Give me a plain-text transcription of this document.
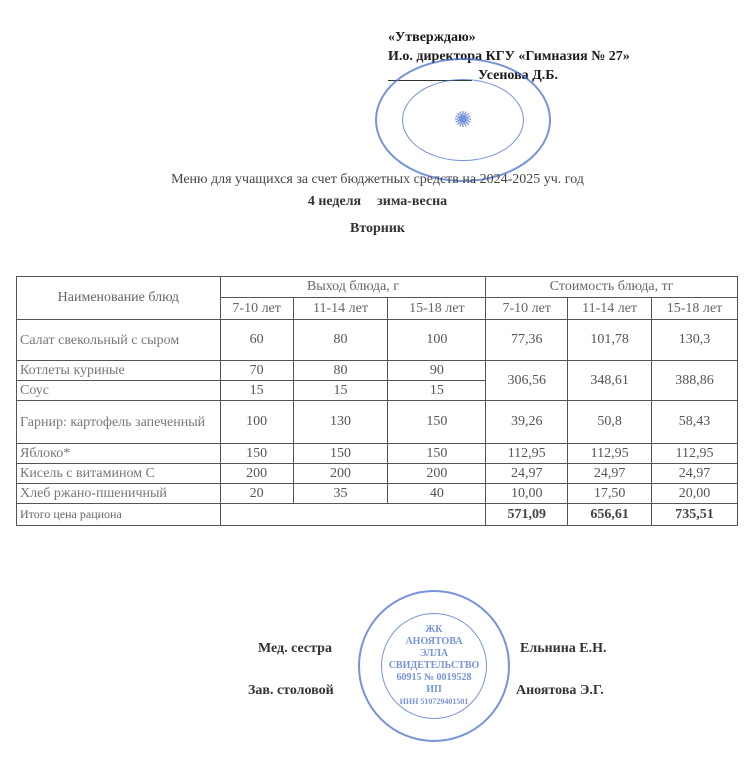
«Утверждаю»
И.о. директора КГУ «Гимназия № 27»
Усенова Д.Б.
✺
Меню для учащихся за счет бюджетных средств на 2024-2025 уч. год
4 неделя зима-весна
Вторник
Наименование блюд	Выход блюда, г			Стоимость блюда, тг		
	7-10 лет	11-14 лет	15-18 лет	7-10 лет	11-14 лет	15-18 лет
Салат свекольный с сыром	60	80	100	77,36	101,78	130,3
Котлеты куриные	70	80	90	306,56	348,61	388,86
Соус	15	15	15			
Гарнир: картофель запеченный	100	130	150	39,26	50,8	58,43
Яблоко*	150	150	150	112,95	112,95	112,95
Кисель с витамином С	200	200	200	24,97	24,97	24,97
Хлеб ржано-пшеничный	20	35	40	10,00	17,50	20,00
Итого цена рациона				571,09	656,61	735,51
ЖК
АНОЯТОВА
ЭЛЛА
СВИДЕТЕЛЬСТВО
60915 № 0019528
ИП
ИИН 510729401501
Мед. сестра	Ельнина Е.Н.
Зав. столовой	Аноятова Э.Г.
